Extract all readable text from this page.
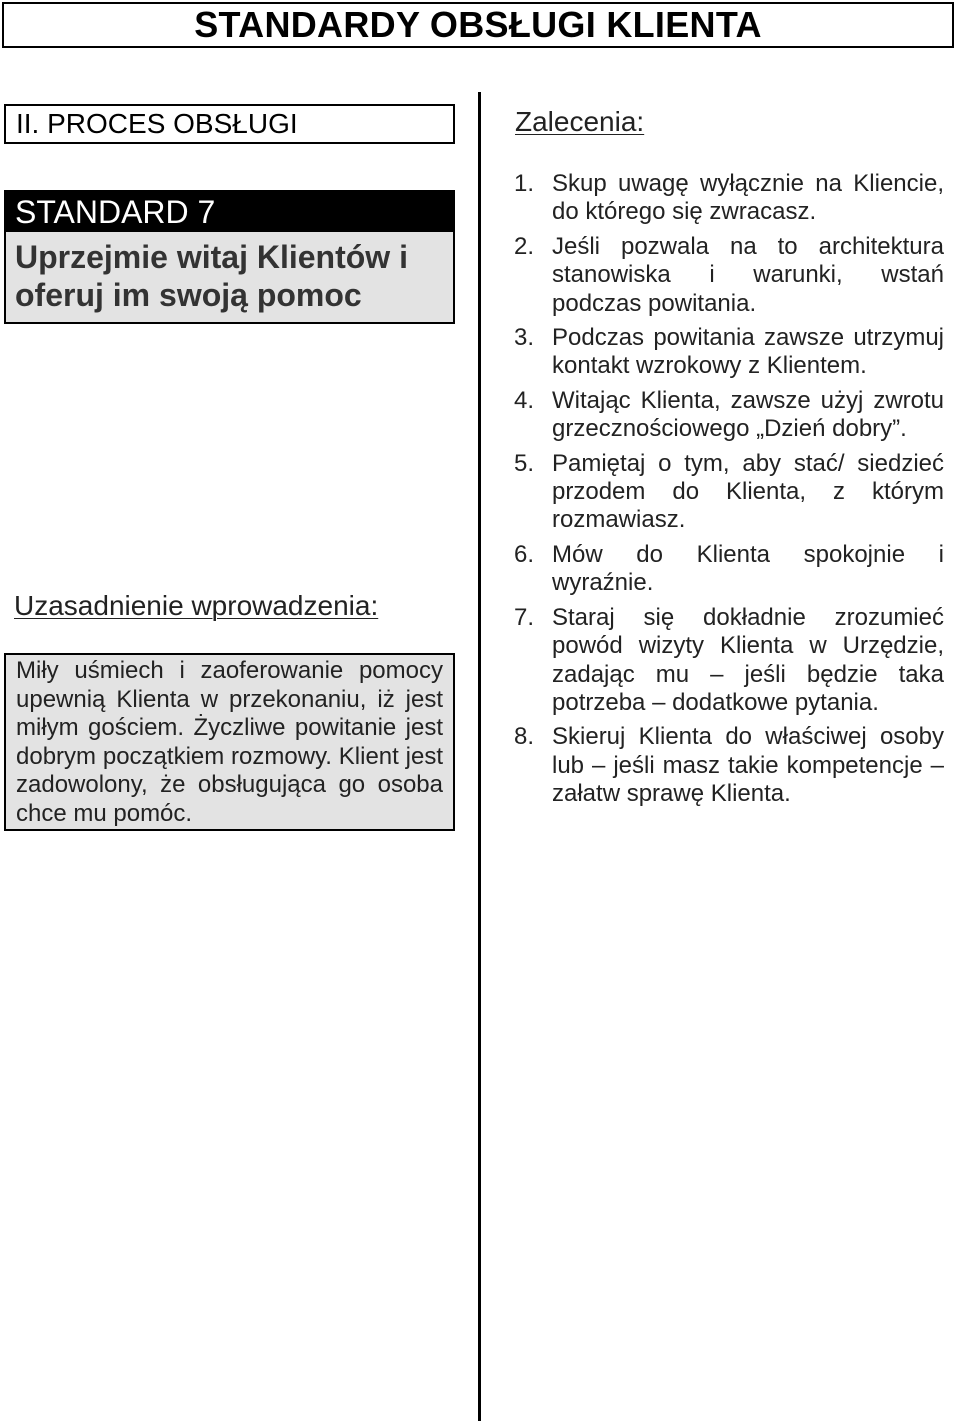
STANDARDY OBSŁUGI KLIENTA
II. PROCES OBSŁUGI
STANDARD 7
Uprzejmie witaj Klientów i oferuj im swoją pomoc
Uzasadnienie wprowadzenia:
Miły uśmiech i zaoferowanie pomocy upewnią Klienta w przekonaniu, iż jest miłym gościem. Życzliwe powitanie jest dobrym początkiem rozmowy. Klient jest zadowolony, że obsługująca go osoba chce mu pomóc.
Zalecenia:
1. Skup uwagę wyłącznie na Kliencie, do którego się zwracasz.
2. Jeśli pozwala na to architektura stanowiska i warunki, wstań podczas powitania.
3. Podczas powitania zawsze utrzymuj kontakt wzrokowy z Klientem.
4. Witając Klienta, zawsze użyj zwrotu grzecznościowego „Dzień dobry”.
5. Pamiętaj o tym, aby stać/ siedzieć przodem do Klienta, z którym rozmawiasz.
6. Mów do Klienta spokojnie i wyraźnie.
7. Staraj się dokładnie zrozumieć powód wizyty Klienta w Urzędzie, zadając mu – jeśli będzie taka potrzeba – dodatkowe pytania.
8. Skieruj Klienta do właściwej osoby lub – jeśli masz takie kompetencje – załatw sprawę Klienta.
